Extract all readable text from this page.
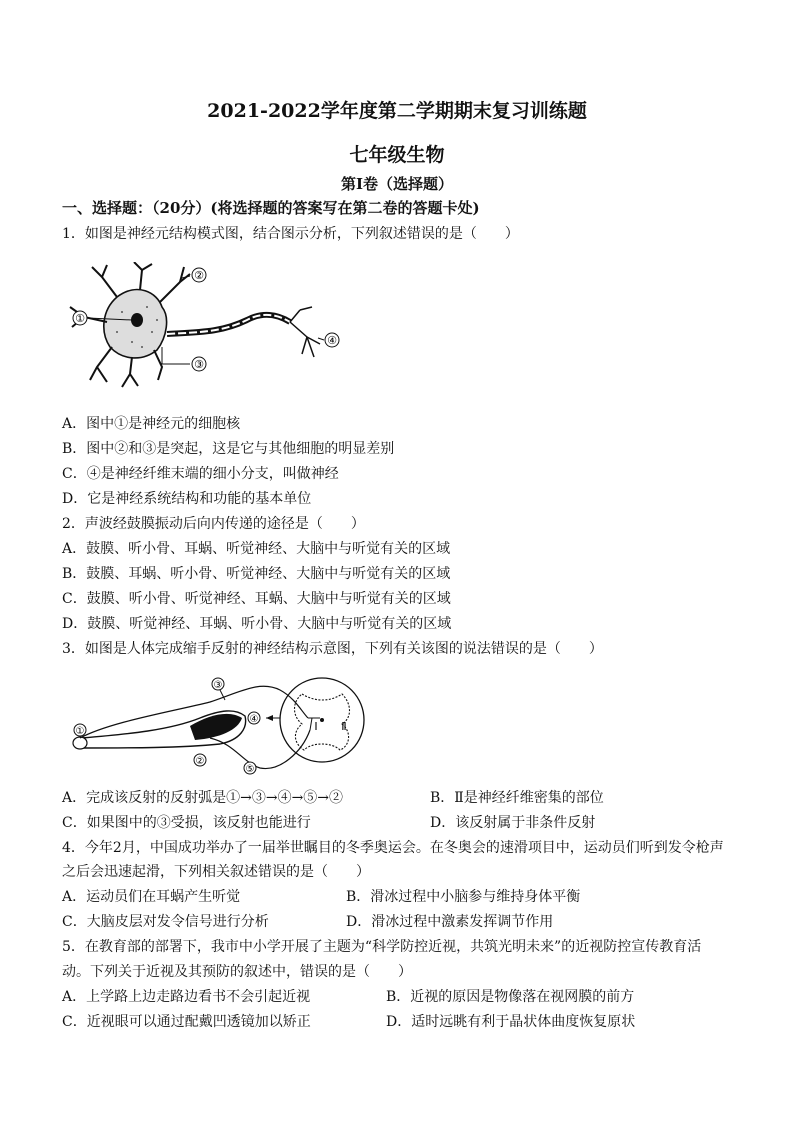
2021-2022学年度第二学期期末复习训练题
七年级生物
第Ⅰ卷（选择题）
一、选择题：（20分）(将选择题的答案写在第二卷的答题卡处)
1．如图是神经元结构模式图，结合图示分析，下列叙述错误的是（　　）
①
②
③
④
A．图中①是神经元的细胞核
B．图中②和③是突起，这是它与其他细胞的明显差别
C．④是神经纤维末端的细小分支，叫做神经
D．它是神经系统结构和功能的基本单位
2．声波经鼓膜振动后向内传递的途径是（　　）
A．鼓膜、听小骨、耳蜗、听觉神经、大脑中与听觉有关的区域
B．鼓膜、耳蜗、听小骨、听觉神经、大脑中与听觉有关的区域
C．鼓膜、听小骨、听觉神经、耳蜗、大脑中与听觉有关的区域
D．鼓膜、听觉神经、耳蜗、听小骨、大脑中与听觉有关的区域
3．如图是人体完成缩手反射的神经结构示意图，下列有关该图的说法错误的是（　　）
③
④
①
②
⑤
Ⅰ Ⅱ
A．完成该反射的反射弧是①→③→④→⑤→②	B．Ⅱ是神经纤维密集的部位
C．如果图中的③受损，该反射也能进行	D．该反射属于非条件反射
4．今年2月，中国成功举办了一届举世瞩目的冬季奥运会。在冬奥会的速滑项目中，运动员们听到发令枪声
之后会迅速起滑，下列相关叙述错误的是（　　）
A．运动员们在耳蜗产生听觉	B．滑冰过程中小脑参与维持身体平衡
C．大脑皮层对发令信号进行分析	D．滑冰过程中激素发挥调节作用
5．在教育部的部署下，我市中小学开展了主题为“科学防控近视，共筑光明未来”的近视防控宣传教育活
动。下列关于近视及其预防的叙述中，错误的是（　　）
A．上学路上边走路边看书不会引起近视	B．近视的原因是物像落在视网膜的前方
C．近视眼可以通过配戴凹透镜加以矫正	D．适时远眺有利于晶状体曲度恢复原状
